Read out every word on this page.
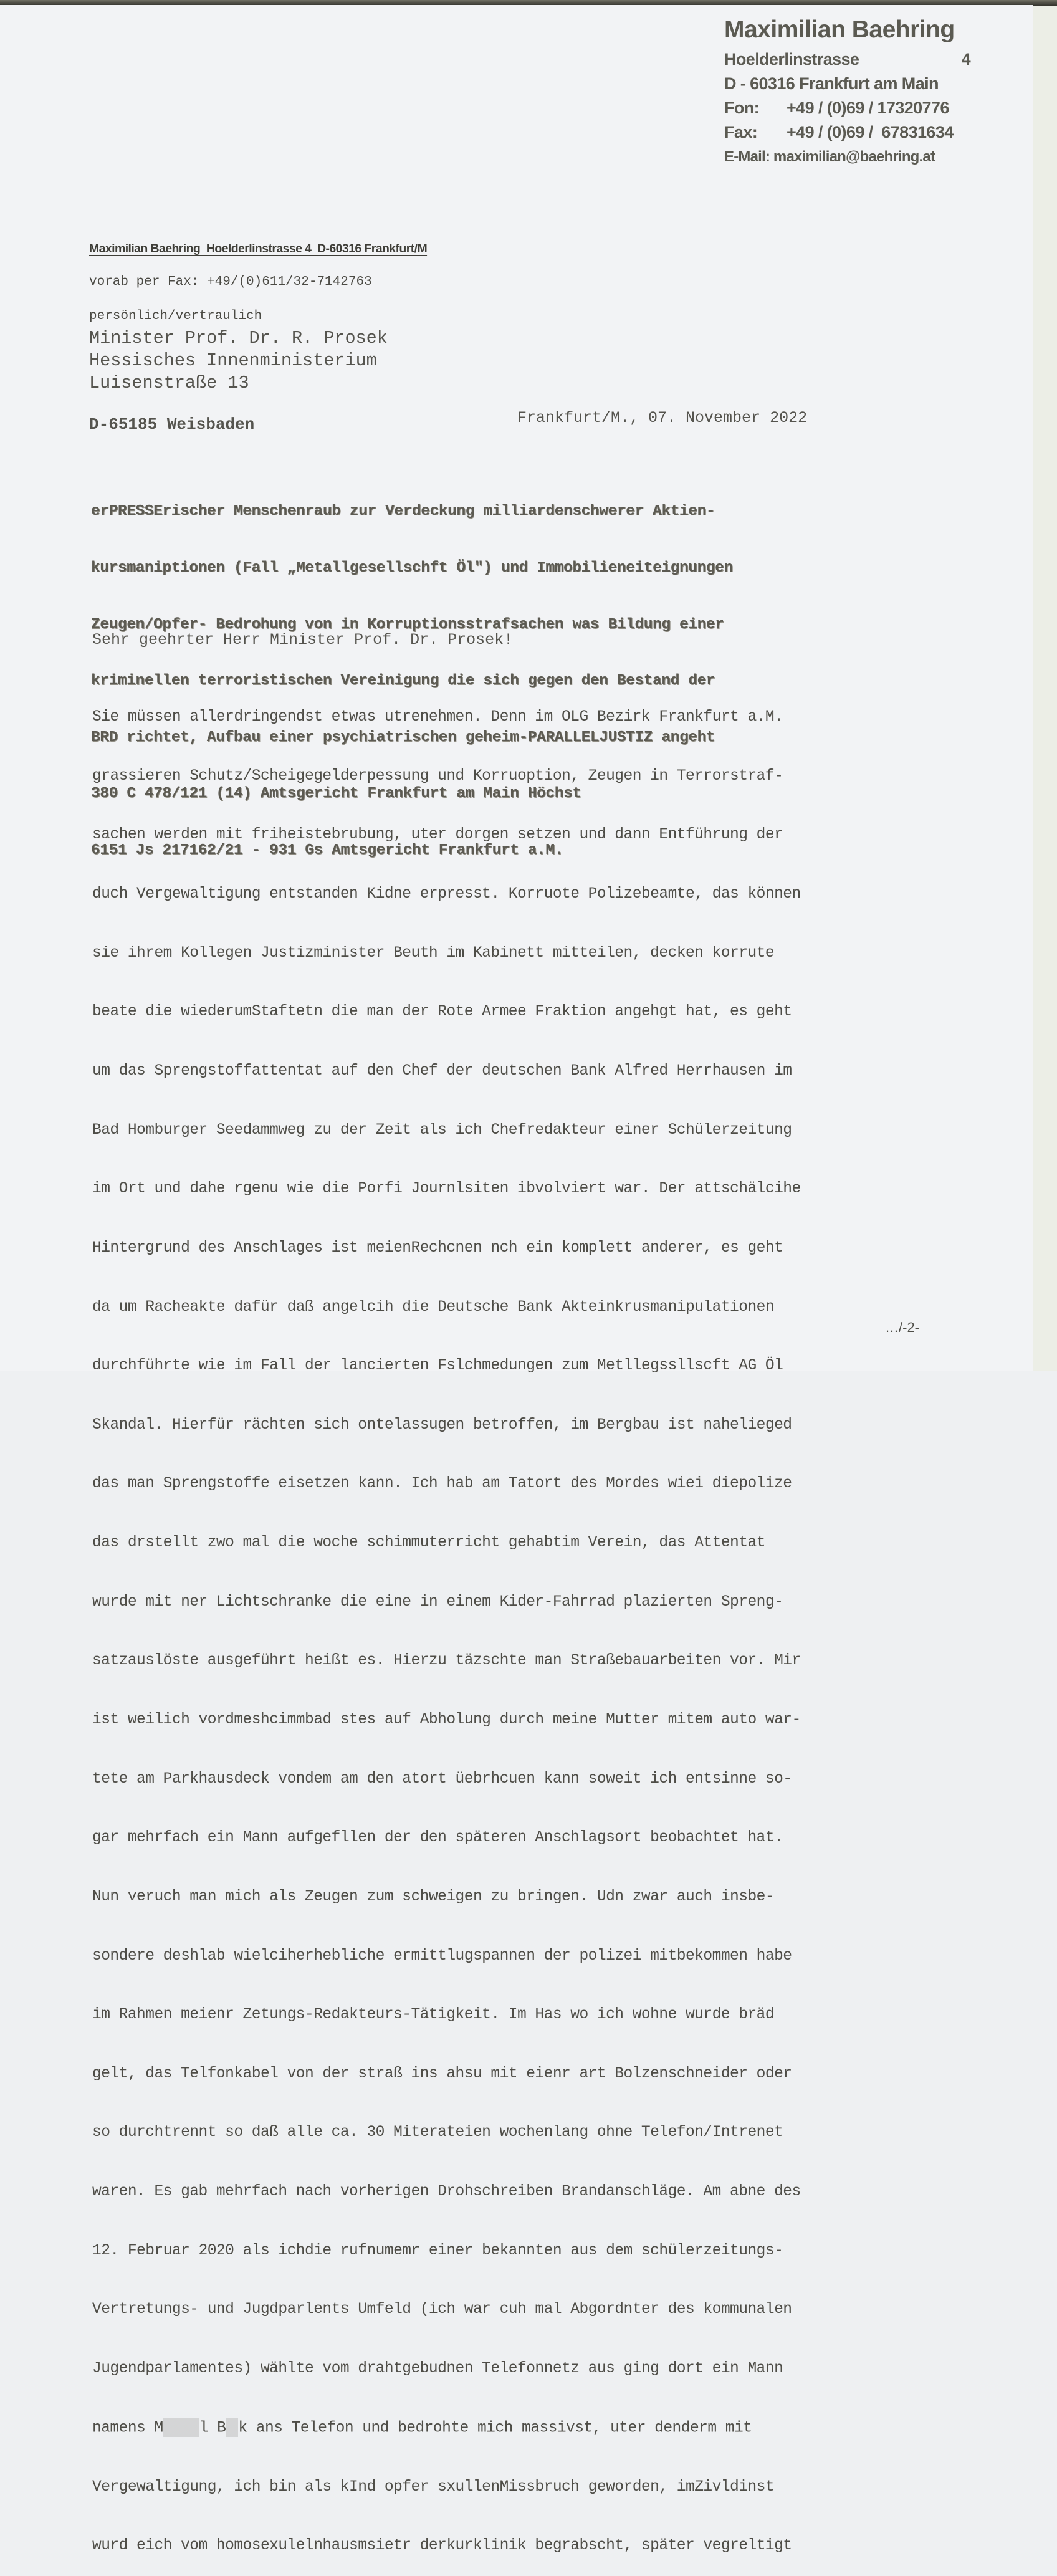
Maximilian Baehring
Hoelderlinstrasse	4
D - 60316 Frankfurt am Main
Fon:	+49 / (0)69 / 17320776
Fax:	+49 / (0)69 /  67831634
E-Mail: maximilian@baehring.at
Maximilian Baehring  Hoelderlinstrasse 4  D-60316 Frankfurt/M
vorab per Fax: +49/(0)611/32-7142763
persönlich/vertraulich
Minister Prof. Dr. R. Prosek
Hessisches Innenministerium
Luisenstraße 13
D-65185 Weisbaden	Frankfurt/M., 07. November 2022

erPRESSErischer Menschenraub zur Verdeckung milliardenschwerer Aktien-

kursmaniptionen (Fall „Metallgesellschft Öl") und Immobilieneiteignungen

Zeugen/Opfer- Bedrohung von in Korruptionsstrafsachen was Bildung einer

kriminellen terroristischen Vereinigung die sich gegen den Bestand der

BRD richtet, Aufbau einer psychiatrischen geheim-PARALLELJUSTIZ angeht

380 C 478/121 (14) Amtsgericht Frankfurt am Main Höchst

6151 Js 217162/21 - 931 Gs Amtsgericht Frankfurt a.M.

Sehr geehrter Herr Minister Prof. Dr. Prosek!

Sie müssen allerdringendst etwas utrenehmen. Denn im OLG Bezirk Frankfurt a.M.

grassieren Schutz/Scheigegelderpessung und Korruoption, Zeugen in Terrorstraf-

sachen werden mit friheistebrubung, uter dorgen setzen und dann Entführung der

duch Vergewaltigung entstanden Kidne erpresst. Korruote Polizebeamte, das können

sie ihrem Kollegen Justizminister Beuth im Kabinett mitteilen, decken korrute

beate die wiederumStaftetn die man der Rote Armee Fraktion angehgt hat, es geht

um das Sprengstoffattentat auf den Chef der deutschen Bank Alfred Herrhausen im

Bad Homburger Seedammweg zu der Zeit als ich Chefredakteur einer Schülerzeitung

im Ort und dahe rgenu wie die Porfi Journlsiten ibvolviert war. Der attschälcihe

Hintergrund des Anschlages ist meienRechcnen nch ein komplett anderer, es geht

da um Racheakte dafür daß angelcih die Deutsche Bank Akteinkrusmanipulationen

durchführte wie im Fall der lancierten Fslchmedungen zum Metllegssllscft AG Öl

Skandal. Hierfür rächten sich ontelassugen betroffen, im Bergbau ist nahelieged

das man Sprengstoffe eisetzen kann. Ich hab am Tatort des Mordes wiei diepolize

das drstellt zwo mal die woche schimmuterricht gehabtim Verein, das Attentat

wurde mit ner Lichtschranke die eine in einem Kider-Fahrrad plazierten Spreng-

satzauslöste ausgeführt heißt es. Hierzu täzschte man Straßebauarbeiten vor. Mir

ist weilich vordmeshcimmbad stes auf Abholung durch meine Mutter mitem auto war-

tete am Parkhausdeck vondem am den atort üebrhcuen kann soweit ich entsinne so-

gar mehrfach ein Mann aufgefllen der den späteren Anschlagsort beobachtet hat.

Nun veruch man mich als Zeugen zum schweigen zu bringen. Udn zwar auch insbe-

sondere deshlab wielciherhebliche ermittlugspannen der polizei mitbekommen habe

im Rahmen meienr Zetungs-Redakteurs-Tätigkeit. Im Has wo ich wohne wurde bräd

gelt, das Telfonkabel von der straß ins ahsu mit eienr art Bolzenschneider oder

so durchtrennt so daß alle ca. 30 Miterateien wochenlang ohne Telefon/Intrenet

waren. Es gab mehrfach nach vorherigen Drohschreiben Brandanschläge. Am abne des

12. Februar 2020 als ichdie rufnumemr einer bekannten aus dem schülerzeitungs-

Vertretungs- und Jugdparlents Umfeld (ich war cuh mal Abgordnter des kommunalen

Jugendparlamentes) wählte vom drahtgebudnen Telefonnetz aus ging dort ein Mann

namens M l B k ans Telefon und bedrohte mich massivst, uter denderm mit

Vergewaltigung, ich bin als kInd opfer sxullenMissbruch geworden, imZivldinst

wurd eich vom homosexulelnhausmsietr derkurklinik begrabscht, später vegreltigt

…/-2-
